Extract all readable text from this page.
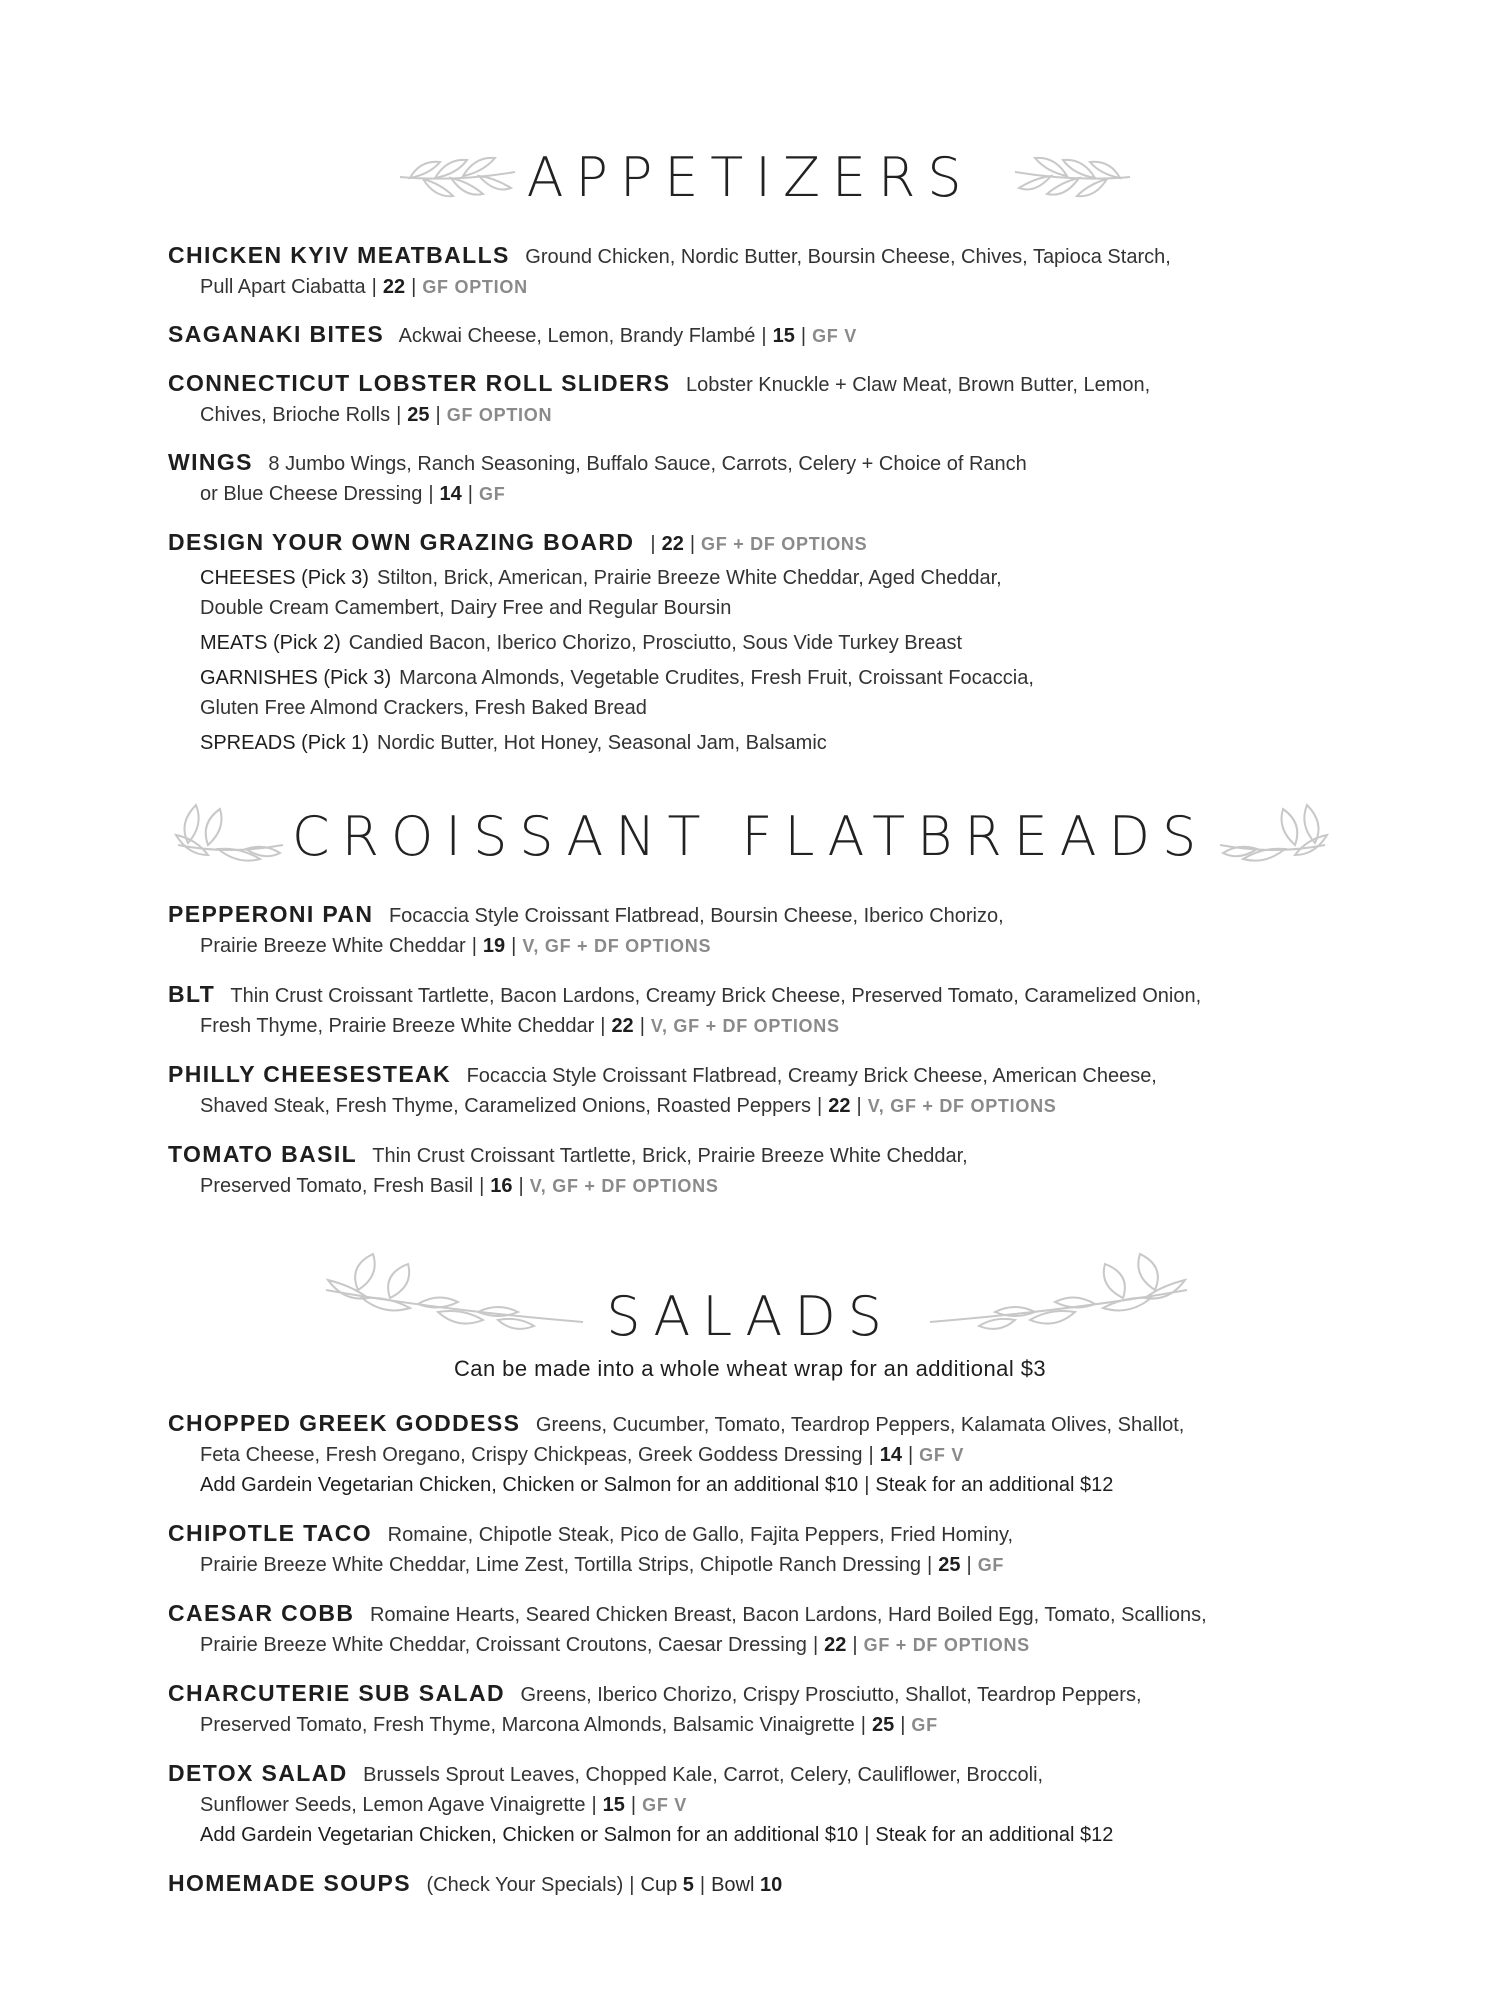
APPETIZERS
CHICKEN KYIV MEATBALLS Ground Chicken, Nordic Butter, Boursin Cheese, Chives, Tapioca Starch,
Pull Apart Ciabatta | 22 | GF OPTION
SAGANAKI BITES Ackwai Cheese, Lemon, Brandy Flambé | 15 | GF V
CONNECTICUT LOBSTER ROLL SLIDERS Lobster Knuckle + Claw Meat, Brown Butter, Lemon,
Chives, Brioche Rolls | 25 | GF OPTION
WINGS 8 Jumbo Wings, Ranch Seasoning, Buffalo Sauce, Carrots, Celery + Choice of Ranch
or Blue Cheese Dressing | 14 | GF
DESIGN YOUR OWN GRAZING BOARD | 22 | GF + DF OPTIONS
CHEESES (Pick 3) Stilton, Brick, American, Prairie Breeze White Cheddar, Aged Cheddar,
Double Cream Camembert, Dairy Free and Regular Boursin
MEATS (Pick 2) Candied Bacon, Iberico Chorizo, Prosciutto, Sous Vide Turkey Breast
GARNISHES (Pick 3) Marcona Almonds, Vegetable Crudites, Fresh Fruit, Croissant Focaccia,
Gluten Free Almond Crackers, Fresh Baked Bread
SPREADS (Pick 1) Nordic Butter, Hot Honey, Seasonal Jam, Balsamic
CROISSANT FLATBREADS
PEPPERONI PAN Focaccia Style Croissant Flatbread, Boursin Cheese, Iberico Chorizo,
Prairie Breeze White Cheddar | 19 | V, GF + DF OPTIONS
BLT Thin Crust Croissant Tartlette, Bacon Lardons, Creamy Brick Cheese, Preserved Tomato, Caramelized Onion,
Fresh Thyme, Prairie Breeze White Cheddar | 22 | V, GF + DF OPTIONS
PHILLY CHEESESTEAK Focaccia Style Croissant Flatbread, Creamy Brick Cheese, American Cheese,
Shaved Steak, Fresh Thyme, Caramelized Onions, Roasted Peppers | 22 | V, GF + DF OPTIONS
TOMATO BASIL Thin Crust Croissant Tartlette, Brick, Prairie Breeze White Cheddar,
Preserved Tomato, Fresh Basil | 16 | V, GF + DF OPTIONS
SALADS
Can be made into a whole wheat wrap for an additional $3
CHOPPED GREEK GODDESS Greens, Cucumber, Tomato, Teardrop Peppers, Kalamata Olives, Shallot,
Feta Cheese, Fresh Oregano, Crispy Chickpeas, Greek Goddess Dressing | 14 | GF V
Add Gardein Vegetarian Chicken, Chicken or Salmon for an additional $10 | Steak for an additional $12
CHIPOTLE TACO Romaine, Chipotle Steak, Pico de Gallo, Fajita Peppers, Fried Hominy,
Prairie Breeze White Cheddar, Lime Zest, Tortilla Strips, Chipotle Ranch Dressing | 25 | GF
CAESAR COBB Romaine Hearts, Seared Chicken Breast, Bacon Lardons, Hard Boiled Egg, Tomato, Scallions,
Prairie Breeze White Cheddar, Croissant Croutons, Caesar Dressing | 22 | GF + DF OPTIONS
CHARCUTERIE SUB SALAD Greens, Iberico Chorizo, Crispy Prosciutto, Shallot, Teardrop Peppers,
Preserved Tomato, Fresh Thyme, Marcona Almonds, Balsamic Vinaigrette | 25 | GF
DETOX SALAD Brussels Sprout Leaves, Chopped Kale, Carrot, Celery, Cauliflower, Broccoli,
Sunflower Seeds, Lemon Agave Vinaigrette | 15 | GF V
Add Gardein Vegetarian Chicken, Chicken or Salmon for an additional $10 | Steak for an additional $12
HOMEMADE SOUPS (Check Your Specials) | Cup 5 | Bowl 10
